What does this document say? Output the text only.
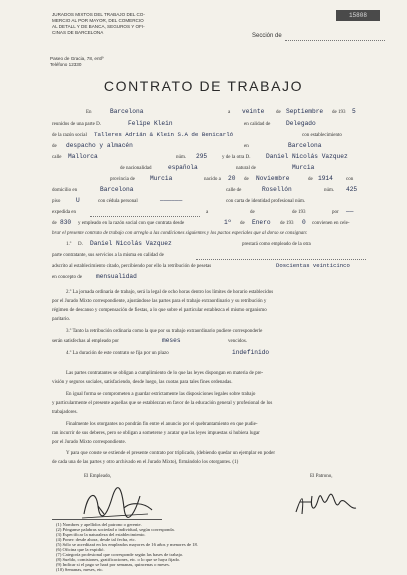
JURADOS MIXTOS DEL TRABAJO DEL CO-
MERCIO AL POR MAYOR, DEL COMERCIO
AL DETALL Y DE BANCA, SEGUROS Y OFI-
CINAS DE BARCELONA
Paseo de Gracia, 78, entlº
Teléfono 12330
15808
Sección de
CONTRATO DE TRABAJO
En	Barcelona	a veinte de Septiembre de 193 5
reunidos de una parte D.	Felipe Klein	en calidad de	Delegado
de la razón social Talleres Adrián & Klein S.A de Benicarló	con establecimiento
de despacho y almacén	en	Barcelona
calle Mallorca	núm. 295	y de la otra D.	Daniel Nicolás Vazquez
de nacionalidad	española	natural de	Murcia
provincia de Murcia	nacido a 20 de Noviembre	de 1914	con
domicilio en	Barcelona	calle de	Rosellón	núm. 425
piso	U	con cédula personal	——————	con carta de identidad profesional núm.
expedida en	a	de	de 193	por ——
de 830 y empleado en la razón social con que contrata desde	1º de Enero de 193 0 convienen en cele-
brar el presente contrato de trabajo con arreglo a las condiciones siguientes y los pactos especiales que al dorso se consignan:
1.º D. Daniel Nicolás Vazquez	prestará como empleado de la otra
parte contratante, sus servicios a la misma en calidad de
adscrito al establecimiento citado, percibiendo por ello la retribución de pesetas	Doscientas veinticinco
en concepto de mensualidad
2.º La jornada ordinaria de trabajo, será la legal de ocho horas dentro los límites de horario establecidos
por el Jurado Mixto correspondiente, ajustándose las partes para el trabajo extraordinario y su retribución y
régimen de descanso y compensación de fiestas, a lo que sobre el particular establezca el mismo organismo
paritario.
3.º Tanto la retribución ordinaria como la que por su trabajo extraordinario pudiere corresponderle
serán satisfechas al empleado por	meses	vencidos.
4.º La duración de este contrato se fija por un plazo	indefinido
Las partes contratantes se obligan a cumplimiento de lo que las leyes dispongan en materia de pre-
visión y seguros sociales, satisfaciendo, desde luego, las cuotas para tales fines ordenadas.
En igual forma se comprometen a guardar estrictamente las disposiciones legales sobre trabajo
y particularmente el presente aquellas que se establezcan en favor de la educación general y profesional de los
trabajadores.
Finalmente los otorgantes no pondrán fin entre el anuncio por el quebrantamiento en que pudie-
ran incurrir de sus deberes, pero se obligan a someterse y acatar que las leyes impuestas si hubiera lugar
por el Jurado Mixto correspondiente.
Y para que conste se extiende el presente contrato por triplicado, (debiendo quedar un ejemplar en poder
de cada una de las partes y otro archivado en el Jurado Mixto), firmándolo los otorgantes. (1)
El Empleado,	El Patrono,
(1) Nombres y apellidos del patrono o gerente.
(2) Pónganse palabras sociedad o individual, según corresponda.
(3) Especificar la naturaleza del establecimiento.
(4) Poner: desde ahora, desde tal fecha, etc.
(5) Sólo se acreditará en los empleados mayores de 16 años y menores de 18.
(6) Oficina que la expidió.
(7) Categoría profesional que corresponde según las bases de trabajo.
(8) Sueldo, comisiones, gratificaciones, etc. o lo que se haya fijado.
(9) Indicar si el pago se hará por semanas, quincenas o meses.
(10) Semanas, meses, etc.
